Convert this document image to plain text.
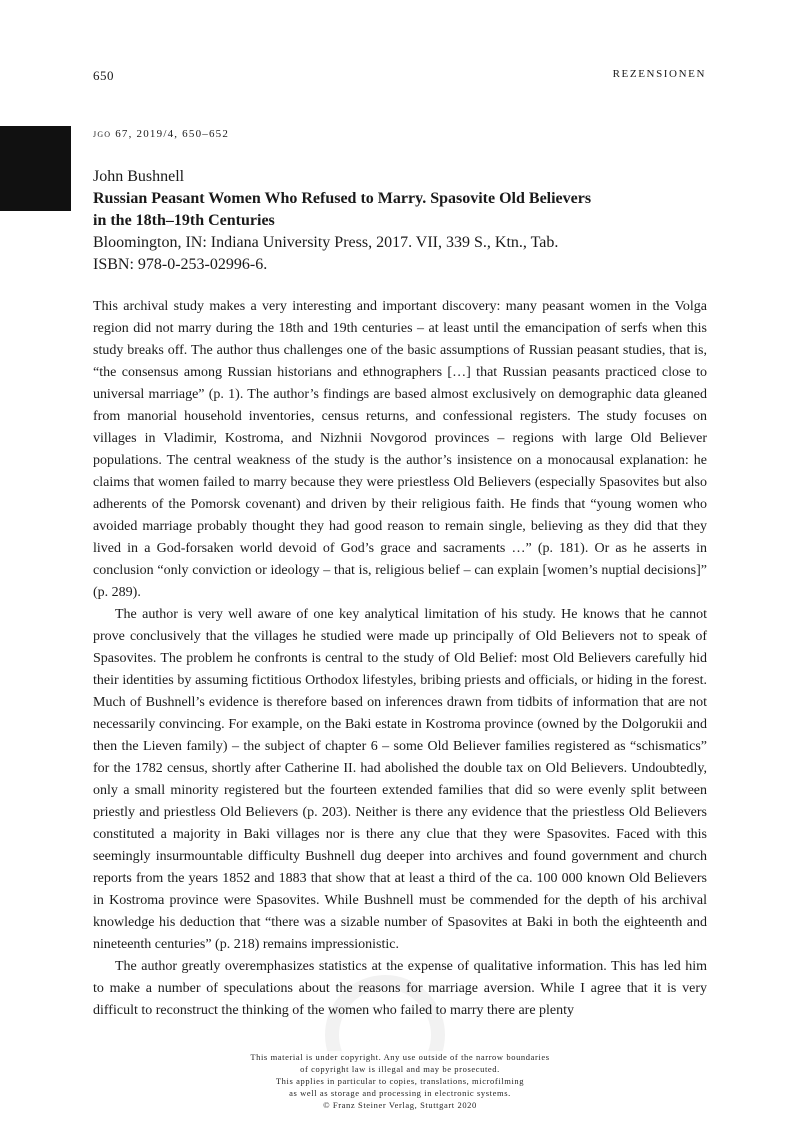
650	REZENSIONEN
jgo 67, 2019/4, 650–652
John Bushnell
Russian Peasant Women Who Refused to Marry. Spasovite Old Believers
in the 18th–19th Centuries
Bloomington, IN: Indiana University Press, 2017. VII, 339 S., Ktn., Tab.
ISBN: 978-0-253-02996-6.

This archival study makes a very interesting and important discovery: many peasant women in the Volga region did not marry during the 18th and 19th centuries – at least until the emancipation of serfs when this study breaks off. The author thus challenges one of the basic assumptions of Russian peasant studies, that is, “the consensus among Russian historians and ethnographers […] that Russian peasants practiced close to universal marriage” (p. 1). The author’s findings are based almost exclusively on demographic data gleaned from manorial household inventories, census returns, and confessional registers. The study focuses on villages in Vladimir, Kostroma, and Nizhnii Novgorod provinces – regions with large Old Believer populations. The central weakness of the study is the author’s insistence on a monocausal explanation: he claims that women failed to marry because they were priestless Old Believers (especially Spasovites but also adherents of the Pomorsk covenant) and driven by their religious faith. He finds that “young women who avoided marriage probably thought they had good reason to remain single, believing as they did that they lived in a God-forsaken world devoid of God’s grace and sacraments …” (p. 181). Or as he asserts in conclusion “only conviction or ideology – that is, religious belief – can explain [women’s nuptial decisions]” (p. 289).

The author is very well aware of one key analytical limitation of his study. He knows that he cannot prove conclusively that the villages he studied were made up principally of Old Believers not to speak of Spasovites. The problem he confronts is central to the study of Old Belief: most Old Believers carefully hid their identities by assuming fictitious Orthodox lifestyles, bribing priests and officials, or hiding in the forest. Much of Bushnell’s evidence is therefore based on inferences drawn from tidbits of information that are not necessarily convincing. For example, on the Baki estate in Kostroma province (owned by the Dolgorukii and then the Lieven family) – the subject of chapter 6 – some Old Believer families registered as “schismatics” for the 1782 census, shortly after Catherine II. had abolished the double tax on Old Believers. Undoubtedly, only a small minority registered but the fourteen extended families that did so were evenly split between priestly and priestless Old Believers (p. 203). Neither is there any evidence that the priestless Old Believers constituted a majority in Baki villages nor is there any clue that they were Spasovites. Faced with this seemingly insurmountable difficulty Bushnell dug deeper into archives and found government and church reports from the years 1852 and 1883 that show that at least a third of the ca. 100 000 known Old Believers in Kostroma province were Spasovites. While Bushnell must be commended for the depth of his archival knowledge his deduction that “there was a sizable number of Spasovites at Baki in both the eighteenth and nineteenth centuries” (p. 218) remains impressionistic.

The author greatly overemphasizes statistics at the expense of qualitative information. This has led him to make a number of speculations about the reasons for marriage aversion. While I agree that it is very difficult to reconstruct the thinking of the women who failed to marry there are plenty

This material is under copyright. Any use outside of the narrow boundaries
of copyright law is illegal and may be prosecuted.
This applies in particular to copies, translations, microfilming
as well as storage and processing in electronic systems.
© Franz Steiner Verlag, Stuttgart 2020
